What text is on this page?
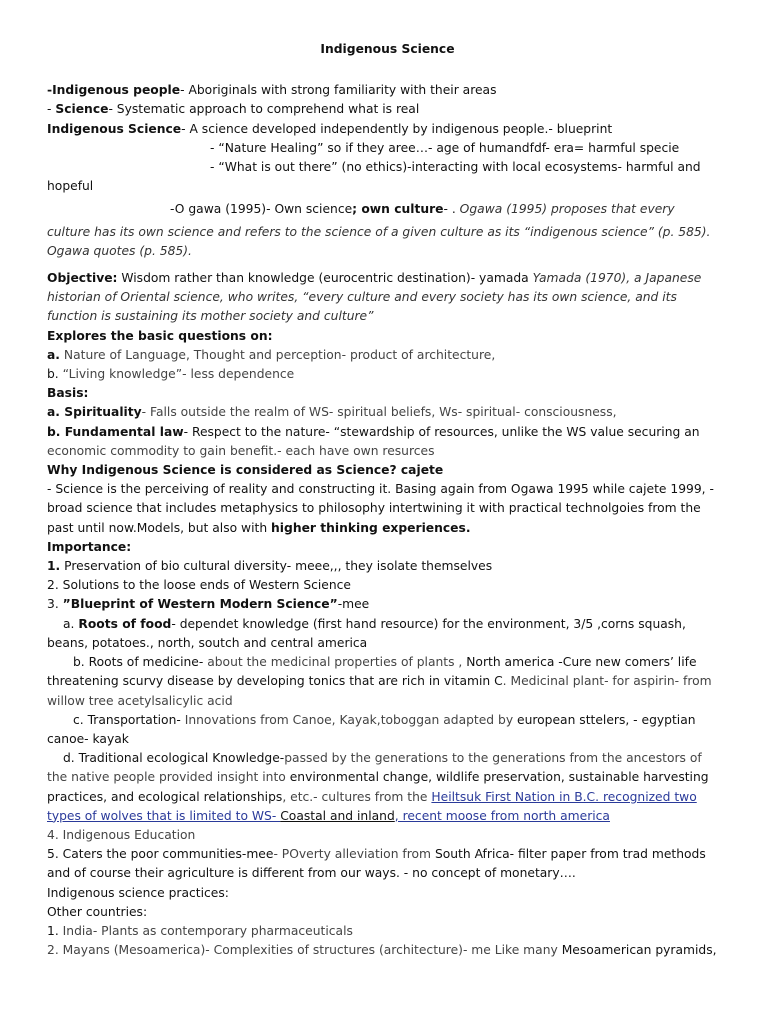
Indigenous Science
-Indigenous people- Aboriginals with strong familiarity with their areas
- Science- Systematic approach to comprehend what is real
Indigenous Science- A science developed independently by indigenous people.- blueprint
- “Nature Healing” so if they aree…- age of humandfdf- era= harmful specie
- “What is out there” (no ethics)-interacting with local ecosystems- harmful and
hopeful
-O gawa (1995)- Own science; own culture- . Ogawa (1995) proposes that every
culture has its own science and refers to the science of a given culture as its “indigenous science” (p. 585).
Ogawa quotes (p. 585).
Objective: Wisdom rather than knowledge (eurocentric destination)- yamada Yamada (1970), a Japanese
historian of Oriental science, who writes, “every culture and every society has its own science, and its
function is sustaining its mother society and culture”
Explores the basic questions on:
a. Nature of Language, Thought and perception- product of architecture,
b. “Living knowledge”- less dependence
Basis:
a. Spirituality- Falls outside the realm of WS- spiritual beliefs, Ws- spiritual- consciousness,
b. Fundamental law- Respect to the nature- “stewardship of resources, unlike the WS value securing an
economic commodity to gain benefit.- each have own resurces
Why Indigenous Science is considered as Science? cajete
- Science is the perceiving of reality and constructing it. Basing again from Ogawa 1995 while cajete 1999, -
broad science that includes metaphysics to philosophy intertwining it with practical technolgoies from the
past until now.Models, but also with higher thinking experiences.
Importance:
1. Preservation of bio cultural diversity- meee,,, they isolate themselves
2. Solutions to the loose ends of Western Science
3. ”Blueprint of Western Modern Science”-mee
a. Roots of food- dependet knowledge (first hand resource) for the environment, 3/5 ,corns squash,
beans, potatoes., north, soutch and central america
b. Roots of medicine- about the medicinal properties of plants , North america -Cure new comers’ life
threatening scurvy disease by developing tonics that are rich in vitamin C. Medicinal plant- for aspirin- from
willow tree acetylsalicylic acid
c. Transportation- Innovations from Canoe, Kayak,toboggan adapted by european sttelers, - egyptian
canoe- kayak
d. Traditional ecological Knowledge-passed by the generations to the generations from the ancestors of
the native people provided insight into environmental change, wildlife preservation, sustainable harvesting
practices, and ecological relationships, etc.- cultures from the Heiltsuk First Nation in B.C. recognized two
types of wolves that is limited to WS- Coastal and inland, recent moose from north america
4. Indigenous Education
5. Caters the poor communities-mee- POverty alleviation from South Africa- filter paper from trad methods
and of course their agriculture is different from our ways. - no concept of monetary….
Indigenous science practices:
Other countries:
1. India- Plants as contemporary pharmaceuticals
2. Mayans (Mesoamerica)- Complexities of structures (architecture)- me Like many Mesoamerican pyramids,
